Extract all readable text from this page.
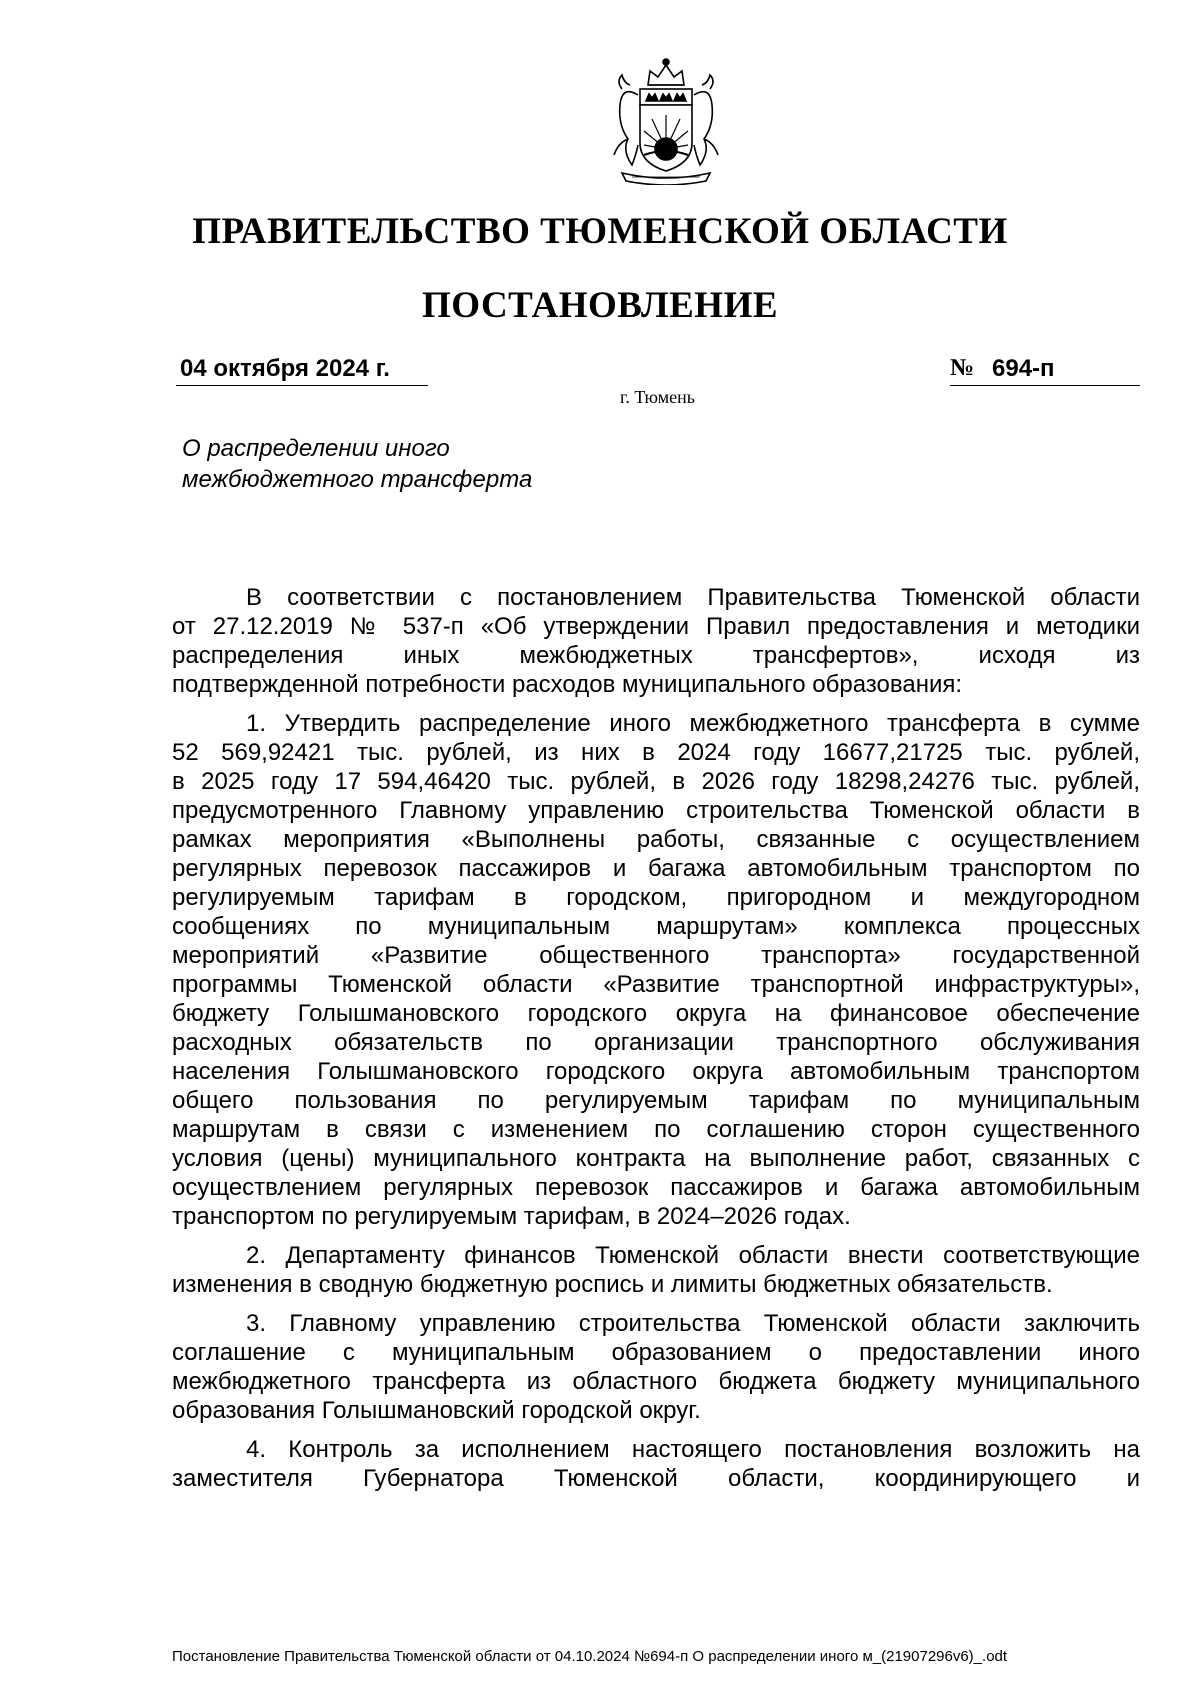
ПРАВИТЕЛЬСТВО ТЮМЕНСКОЙ ОБЛАСТИ
ПОСТАНОВЛЕНИЕ
04 октября 2024 г.	№ 694-п
г. Тюмень
О распределении иного
межбюджетного трансферта

В соответствии с постановлением Правительства Тюменской области
от 27.12.2019 № 537-п «Об утверждении Правил предоставления и методики
распределения иных межбюджетных трансфертов», исходя из
подтвержденной потребности расходов муниципального образования:

1. Утвердить распределение иного межбюджетного трансферта в сумме
52 569,92421 тыс. рублей, из них в 2024 году 16677,21725 тыс. рублей,
в 2025 году 17 594,46420 тыс. рублей, в 2026 году 18298,24276 тыс. рублей,
предусмотренного Главному управлению строительства Тюменской области в
рамках мероприятия «Выполнены работы, связанные с осуществлением
регулярных перевозок пассажиров и багажа автомобильным транспортом по
регулируемым тарифам в городском, пригородном и междугородном
сообщениях по муниципальным маршрутам» комплекса процессных
мероприятий «Развитие общественного транспорта» государственной
программы Тюменской области «Развитие транспортной инфраструктуры»,
бюджету Голышмановского городского округа на финансовое обеспечение
расходных обязательств по организации транспортного обслуживания
населения Голышмановского городского округа автомобильным транспортом
общего пользования по регулируемым тарифам по муниципальным
маршрутам в связи с изменением по соглашению сторон существенного
условия (цены) муниципального контракта на выполнение работ, связанных с
осуществлением регулярных перевозок пассажиров и багажа автомобильным
транспортом по регулируемым тарифам, в 2024–2026 годах.

2. Департаменту финансов Тюменской области внести соответствующие
изменения в сводную бюджетную роспись и лимиты бюджетных обязательств.

3. Главному управлению строительства Тюменской области заключить
соглашение с муниципальным образованием о предоставлении иного
межбюджетного трансферта из областного бюджета бюджету муниципального
образования Голышмановский городской округ.

4. Контроль за исполнением настоящего постановления возложить на
заместителя Губернатора Тюменской области, координирующего и

Постановление Правительства Тюменской области от 04.10.2024 №694-п О распределении иного м_(21907296v6)_.odt
